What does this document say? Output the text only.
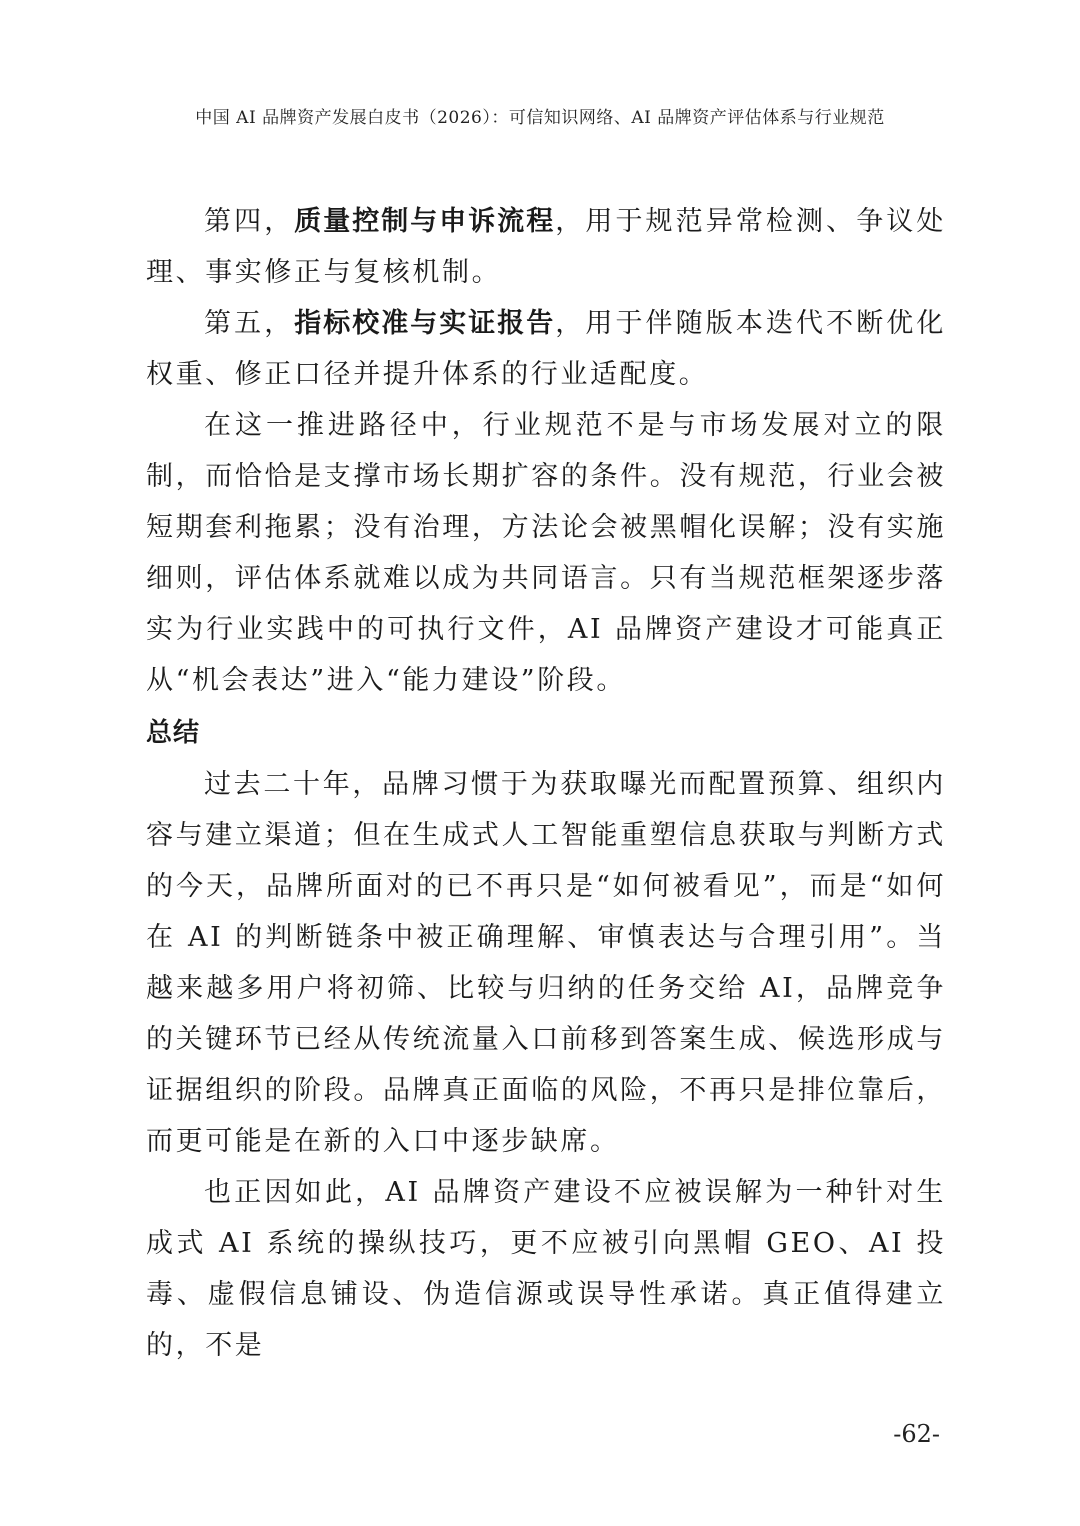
中国 AI 品牌资产发展白皮书（2026）：可信知识网络、AI 品牌资产评估体系与行业规范

第四，质量控制与申诉流程，用于规范异常检测、争议处理、事实修正与复核机制。

第五，指标校准与实证报告，用于伴随版本迭代不断优化权重、修正口径并提升体系的行业适配度。

在这一推进路径中，行业规范不是与市场发展对立的限制，而恰恰是支撑市场长期扩容的条件。没有规范，行业会被短期套利拖累；没有治理，方法论会被黑帽化误解；没有实施细则，评估体系就难以成为共同语言。只有当规范框架逐步落实为行业实践中的可执行文件，AI 品牌资产建设才可能真正从“机会表达”进入“能力建设”阶段。

总结

过去二十年，品牌习惯于为获取曝光而配置预算、组织内容与建立渠道；但在生成式人工智能重塑信息获取与判断方式的今天，品牌所面对的已不再只是“如何被看见”，而是“如何在 AI 的判断链条中被正确理解、审慎表达与合理引用”。当越来越多用户将初筛、比较与归纳的任务交给 AI，品牌竞争的关键环节已经从传统流量入口前移到答案生成、候选形成与证据组织的阶段。品牌真正面临的风险，不再只是排位靠后，而更可能是在新的入口中逐步缺席。

也正因如此，AI 品牌资产建设不应被误解为一种针对生成式 AI 系统的操纵技巧，更不应被引向黑帽 GEO、AI 投毒、虚假信息铺设、伪造信源或误导性承诺。真正值得建立的，不是

-62-
